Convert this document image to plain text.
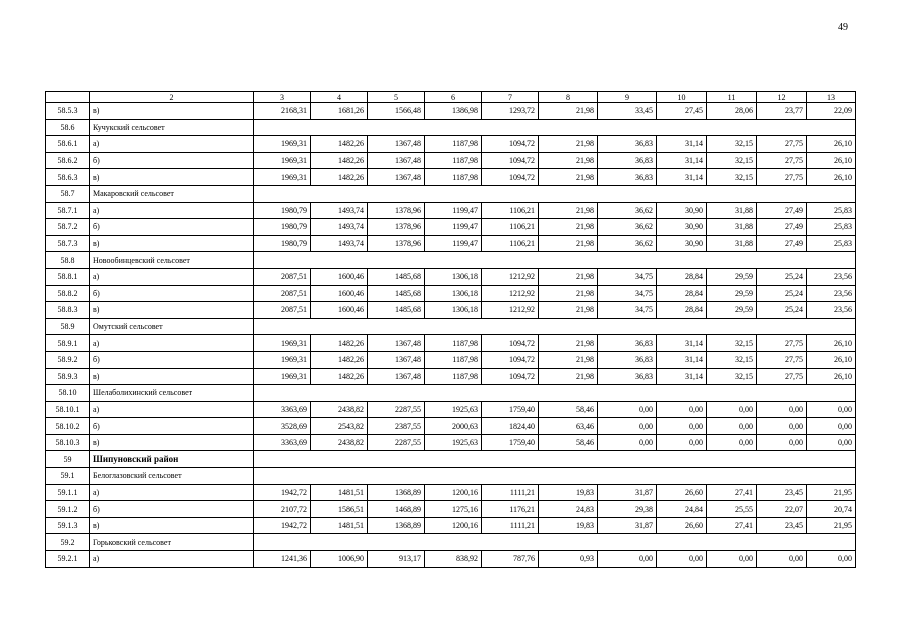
49
	2	3	4	5	6	7	8	9	10	11	12	13
58.5.3	в)	2168,31	1681,26	1566,48	1386,98	1293,72	21,98	33,45	27,45	28,06	23,77	22,09
58.6	Кучукский сельсовет											
58.6.1	а)	1969,31	1482,26	1367,48	1187,98	1094,72	21,98	36,83	31,14	32,15	27,75	26,10
58.6.2	б)	1969,31	1482,26	1367,48	1187,98	1094,72	21,98	36,83	31,14	32,15	27,75	26,10
58.6.3	в)	1969,31	1482,26	1367,48	1187,98	1094,72	21,98	36,83	31,14	32,15	27,75	26,10
58.7	Макаровский сельсовет											
58.7.1	а)	1980,79	1493,74	1378,96	1199,47	1106,21	21,98	36,62	30,90	31,88	27,49	25,83
58.7.2	б)	1980,79	1493,74	1378,96	1199,47	1106,21	21,98	36,62	30,90	31,88	27,49	25,83
58.7.3	в)	1980,79	1493,74	1378,96	1199,47	1106,21	21,98	36,62	30,90	31,88	27,49	25,83
58.8	Новообинцевский сельсовет											
58.8.1	а)	2087,51	1600,46	1485,68	1306,18	1212,92	21,98	34,75	28,84	29,59	25,24	23,56
58.8.2	б)	2087,51	1600,46	1485,68	1306,18	1212,92	21,98	34,75	28,84	29,59	25,24	23,56
58.8.3	в)	2087,51	1600,46	1485,68	1306,18	1212,92	21,98	34,75	28,84	29,59	25,24	23,56
58.9	Омутский сельсовет											
58.9.1	а)	1969,31	1482,26	1367,48	1187,98	1094,72	21,98	36,83	31,14	32,15	27,75	26,10
58.9.2	б)	1969,31	1482,26	1367,48	1187,98	1094,72	21,98	36,83	31,14	32,15	27,75	26,10
58.9.3	в)	1969,31	1482,26	1367,48	1187,98	1094,72	21,98	36,83	31,14	32,15	27,75	26,10
58.10	Шелаболихинский сельсовет											
58.10.1	а)	3363,69	2438,82	2287,55	1925,63	1759,40	58,46	0,00	0,00	0,00	0,00	0,00
58.10.2	б)	3528,69	2543,82	2387,55	2000,63	1824,40	63,46	0,00	0,00	0,00	0,00	0,00
58.10.3	в)	3363,69	2438,82	2287,55	1925,63	1759,40	58,46	0,00	0,00	0,00	0,00	0,00
59	Шипуновский район											
59.1	Белоглазовский сельсовет											
59.1.1	а)	1942,72	1481,51	1368,89	1200,16	1111,21	19,83	31,87	26,60	27,41	23,45	21,95
59.1.2	б)	2107,72	1586,51	1468,89	1275,16	1176,21	24,83	29,38	24,84	25,55	22,07	20,74
59.1.3	в)	1942,72	1481,51	1368,89	1200,16	1111,21	19,83	31,87	26,60	27,41	23,45	21,95
59.2	Горьковский сельсовет											
59.2.1	а)	1241,36	1006,90	913,17	838,92	787,76	0,93	0,00	0,00	0,00	0,00	0,00
